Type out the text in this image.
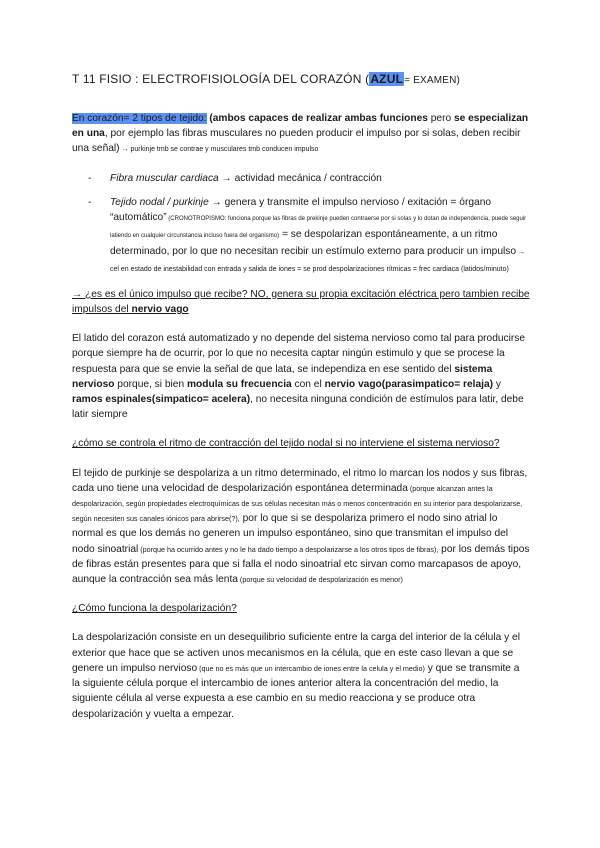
T 11 FISIO : ELECTROFISIOLOGÍA DEL CORAZÓN (AZUL= EXAMEN)

En corazón= 2 tipos de tejido: (ambos capaces de realizar ambas funciones pero se especializan en una, por ejemplo las fibras musculares no pueden producir el impulso por si solas, deben recibir una señal) → purkinje tmb se contrae y musculares tmb conducen impulso

- Fibra muscular cardiaca → actividad mecánica / contracción
- Tejido nodal / purkinje → genera y transmite el impulso nervioso / exitación = órgano “automático” (CRONOTROPISMO: funciona porque las fibras de prekinje pueden contraerse por si solas y lo dotan de independencia, puede seguir latiendo en cualquier circunstancia incluso fuera del organismo) = se despolarizan espontáneamente, a un ritmo determinado, por lo que no necesitan recibir un estímulo externo para producir un impulso → cel en estado de inestabilidad con entrada y salida de iones = se prod despolarizaciones rítmicas = frec cardiaca (latidos/minuto)

→ ¿es es el único impulso que recibe? NO, genera su propia excitación eléctrica pero tambien recibe impulsos del nervio vago

El latido del corazon está automatizado y no depende del sistema nervioso como tal para producirse porque siempre ha de ocurrir, por lo que no necesita captar ningún estimulo y que se procese la respuesta para que se envie la señal de que lata, se independiza en ese sentido del sistema nervioso porque, si bien modula su frecuencia con el nervio vago(parasimpatico= relaja) y ramos espinales(simpatico= acelera), no necesita ninguna condición de estímulos para latir, debe latir siempre

¿cómo se controla el ritmo de contracción del tejido nodal si no interviene el sistema nervioso?

El tejido de purkinje se despolariza a un ritmo determinado, el ritmo lo marcan los nodos y sus fibras, cada uno tiene una velocidad de despolarización espontánea determinada (porque alcanzan antes la despolarización, según propiedades electroquímicas de sus células necesitan más o menos concentración en su interior para despolarizarse, según necesiten sus canales iónicos para abrirse(?), por lo que si se despolariza primero el nodo sino atrial lo normal es que los demás no generen un impulso espontáneo, sino que transmitan el impulso del nodo sinoatrial (porque ha ocurrido antes y no le ha dado tiempo a despolarizarse a los otros tipos de fibras), por los demás tipos de fibras están presentes para que si falla el nodo sinoatrial etc sirvan como marcapasos de apoyo, aunque la contracción sea más lenta (porque su velocidad de despolarización es menor)

¿Cómo funciona la despolarización?

La despolarización consiste en un desequilibrio suficiente entre la carga del interior de la célula y el exterior que hace que se activen unos mecanismos en la célula, que en este caso llevan a que se genere un impulso nervioso (que no es más que un intercambio de iones entre la celula y el medio) y que se transmite a la siguiente célula porque el intercambio de iones anterior altera la concentración del medio, la siguiente célula al verse expuesta a ese cambio en su medio reacciona y se produce otra despolarización y vuelta a empezar.
